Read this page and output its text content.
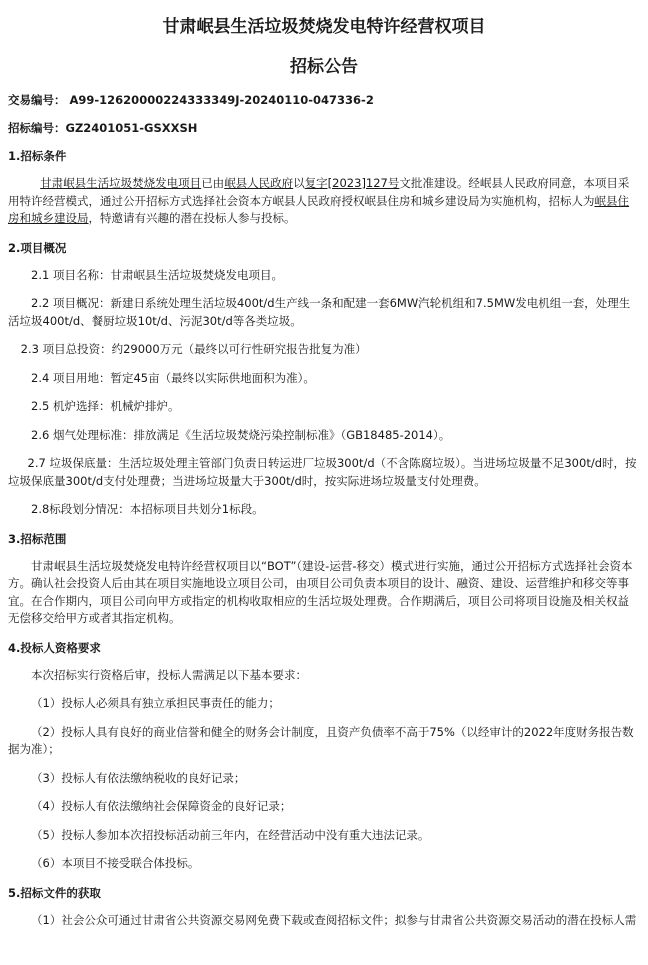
甘肃岷县生活垃圾焚烧发电特许经营权项目
招标公告
交易编号： A99-12620000224333349J-20240110-047336-2
招标编号：GZ2401051-GSXXSH
1.招标条件

甘肃岷县生活垃圾焚烧发电项目已由岷县人民政府以复字[2023]127号文批准建设。经岷县人民政府同意，本项目采用特许经营模式，通过公开招标方式选择社会资本方岷县人民政府授权岷县住房和城乡建设局为实施机构，招标人为岷县住房和城乡建设局，特邀请有兴趣的潜在投标人参与投标。

2.项目概况

2.1 项目名称：甘肃岷县生活垃圾焚烧发电项目。

2.2 项目概况：新建日系统处理生活垃圾400t/d生产线一条和配建一套6MW汽轮机组和7.5MW发电机组一套，处理生活垃圾400t/d、餐厨垃圾10t/d、污泥30t/d等各类垃圾。

2.3 项目总投资：约29000万元（最终以可行性研究报告批复为准）

2.4 项目用地：暂定45亩（最终以实际供地面积为准）。

2.5 机炉选择：机械炉排炉。

2.6 烟气处理标准：排放满足《生活垃圾焚烧污染控制标准》（GB18485-2014）。

2.7 垃圾保底量：生活垃圾处理主管部门负责日转运进厂垃圾300t/d（不含陈腐垃圾）。当进场垃圾量不足300t/d时，按垃圾保底量300t/d支付处理费；当进场垃圾量大于300t/d时，按实际进场垃圾量支付处理费。

2.8标段划分情况：本招标项目共划分1标段。

3.招标范围

甘肃岷县生活垃圾焚烧发电特许经营权项目以“BOT”（建设-运营-移交）模式进行实施，通过公开招标方式选择社会资本方。确认社会投资人后由其在项目实施地设立项目公司，由项目公司负责本项目的设计、融资、建设、运营维护和移交等事宜。在合作期内，项目公司向甲方或指定的机构收取相应的生活垃圾处理费。合作期满后，项目公司将项目设施及相关权益无偿移交给甲方或者其指定机构。

4.投标人资格要求

本次招标实行资格后审，投标人需满足以下基本要求：

（1）投标人必须具有独立承担民事责任的能力；

（2）投标人具有良好的商业信誉和健全的财务会计制度，且资产负债率不高于75%（以经审计的2022年度财务报告数据为准）；

（3）投标人有依法缴纳税收的良好记录；

（4）投标人有依法缴纳社会保障资金的良好记录；

（5）投标人参加本次招投标活动前三年内，在经营活动中没有重大违法记录。

（6）本项目不接受联合体投标。

5.招标文件的获取

（1）社会公众可通过甘肃省公共资源交易网免费下载或查阅招标文件；拟参与甘肃省公共资源交易活动的潜在投标人需
